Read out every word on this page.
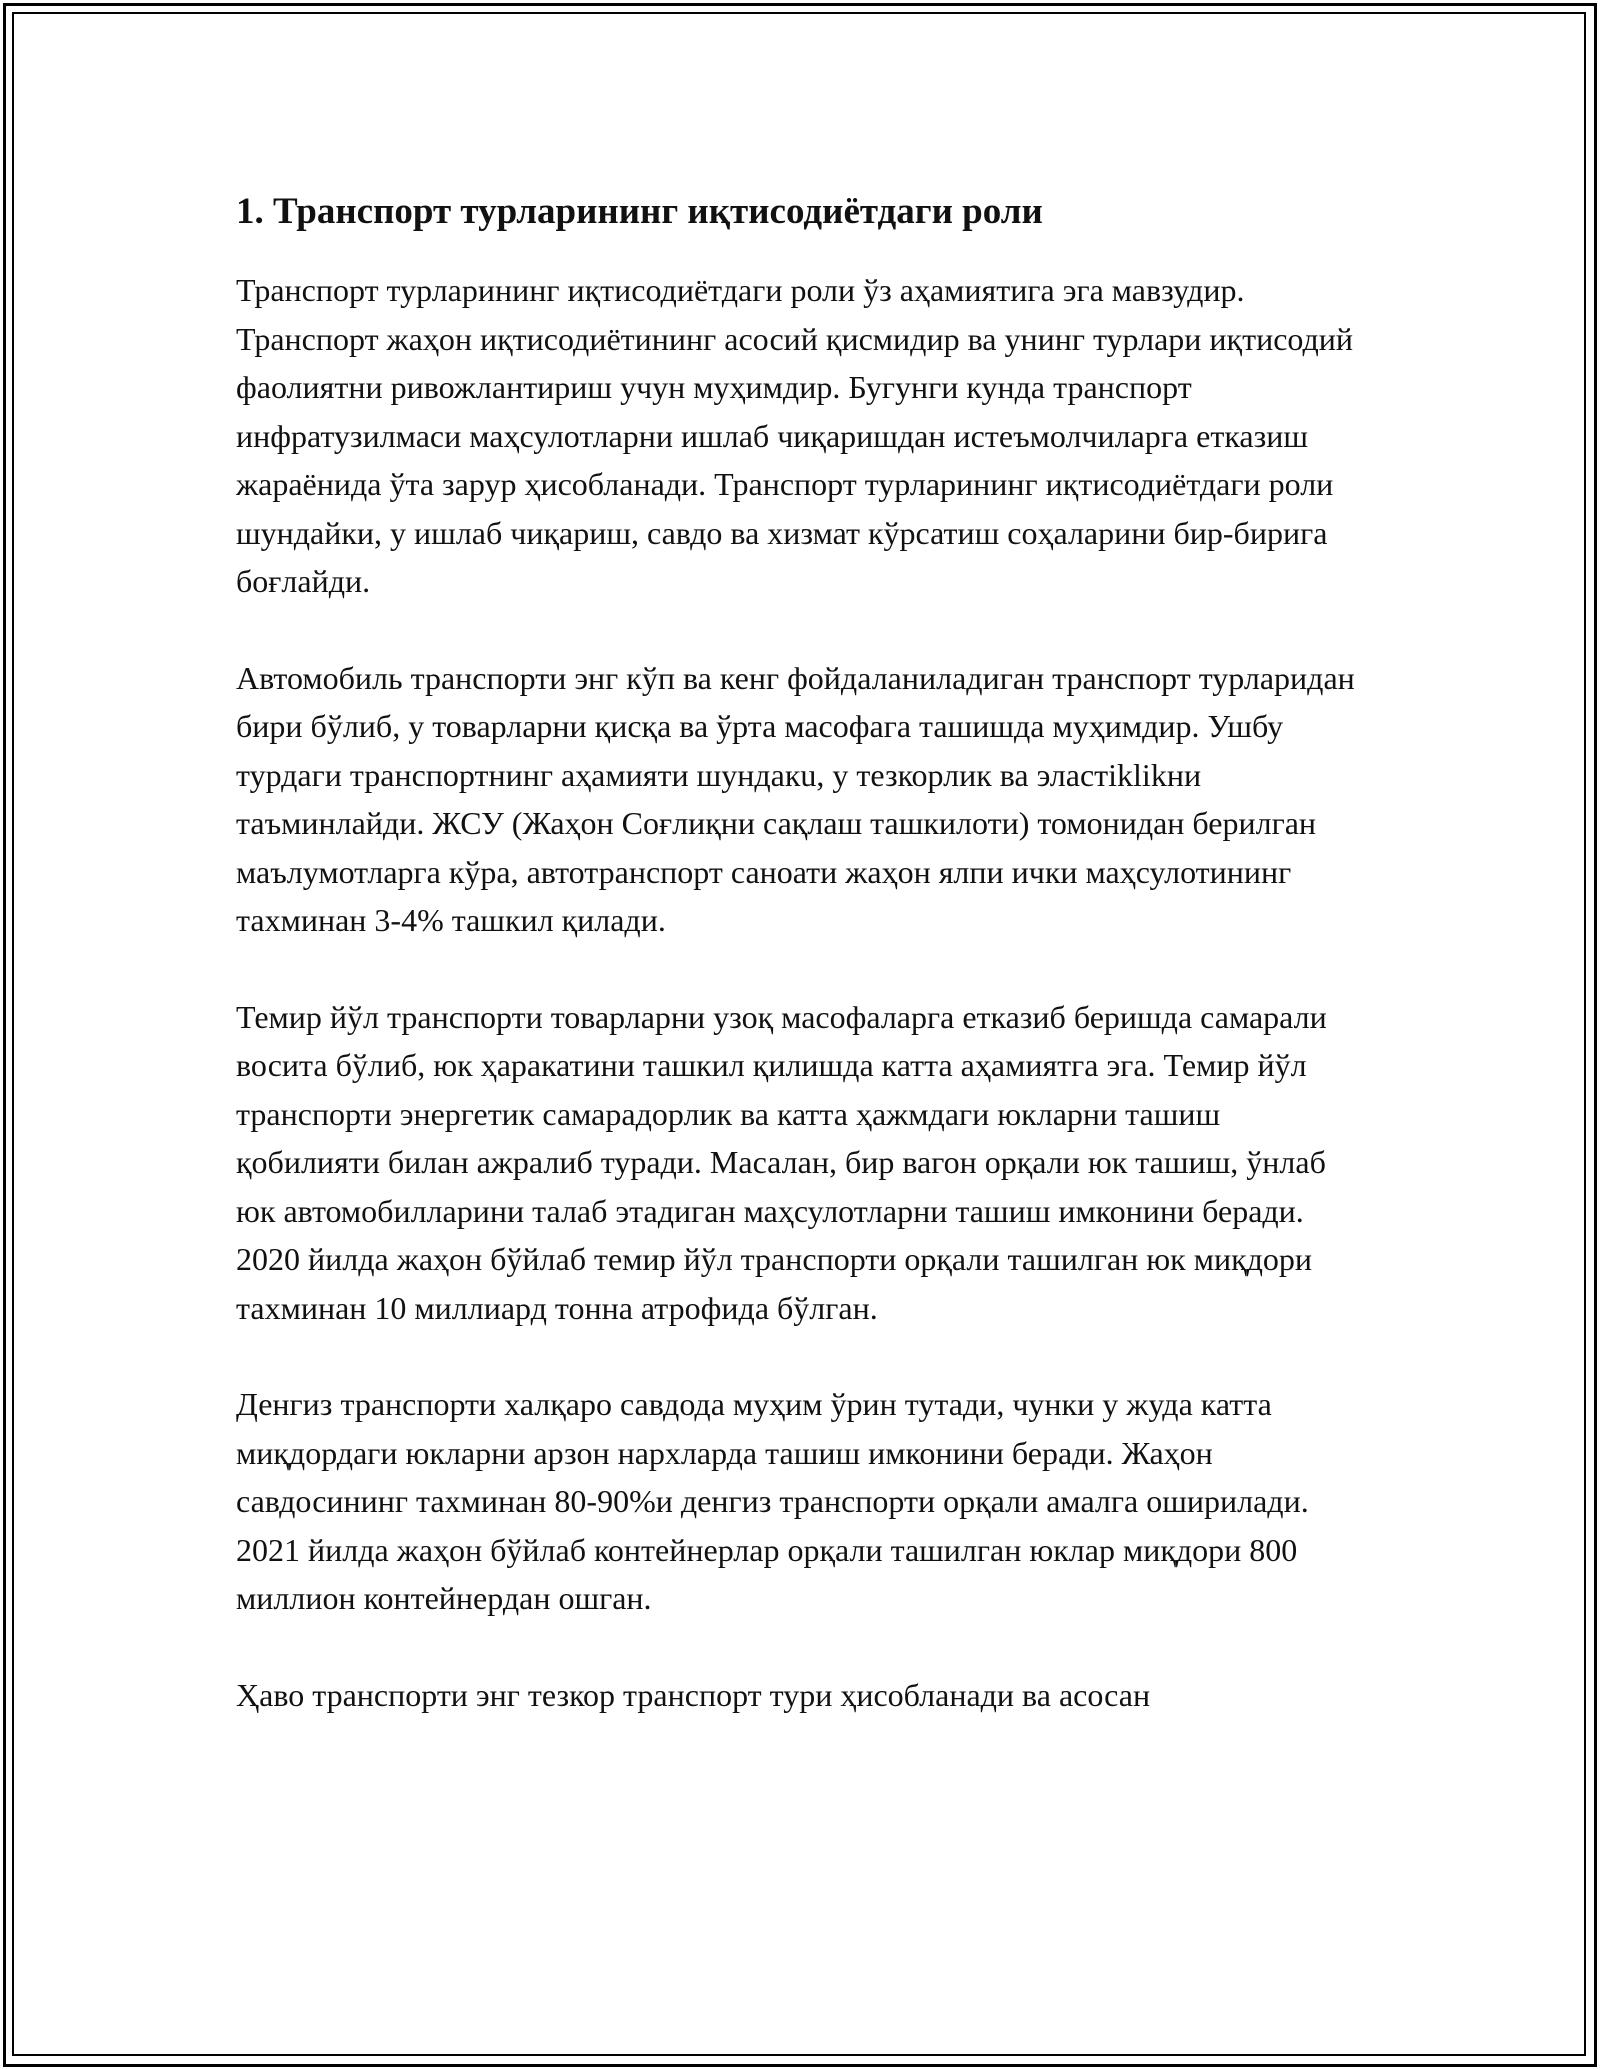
1. Транспорт турларининг иқтисодиётдаги роли

Транспорт турларининг иқтисодиётдаги роли ўз аҳамиятига эга мавзудир. Транспорт жаҳон иқтисодиётининг асосий қисмидир ва унинг турлари иқтисодий фаолиятни ривожлантириш учун муҳимдир. Бугунги кунда транспорт инфратузилмаси маҳсулотларни ишлаб чиқаришдан истеъмолчиларга етказиш жараёнида ўта зарур ҳисобланади. Транспорт турларининг иқтисодиётдаги роли шундайки, у ишлаб чиқариш, савдо ва хизмат кўрсатиш соҳаларини бир-бирига боғлайди.

Автомобиль транспорти энг кўп ва кенг фойдаланиладиган транспорт турларидан бири бўлиб, у товарларни қисқа ва ўрта масофага ташишда муҳимдир. Ушбу турдаги транспортнинг аҳамияти шундакu, у тезкорлик ва эластiklikни таъминлайди. ЖСУ (Жаҳон Соғлиқни сақлаш ташкилоти) томонидан берилган маълумотларга кўра, автотранспорт саноати жаҳон ялпи ички маҳсулотининг тахминан 3-4% ташкил қилади.

Темир йўл транспорти товарларни узоқ масофаларга етказиб беришда самарали восита бўлиб, юк ҳаракатини ташкил қилишда катта аҳамиятга эга. Темир йўл транспорти энергетик самарадорлик ва катта ҳажмдаги юкларни ташиш қобилияти билан ажралиб туради. Масалан, бир вагон орқали юк ташиш, ўнлаб юк автомобилларини талаб этадиган маҳсулотларни ташиш имконини беради. 2020 йилда жаҳон бўйлаб темир йўл транспорти орқали ташилган юк миқдори тахминан 10 миллиард тонна атрофида бўлган.

Денгиз транспорти халқаро савдода муҳим ўрин тутади, чунки у жуда катта миқдордаги юкларни арзон нархларда ташиш имконини беради. Жаҳон савдосининг тахминан 80-90%и денгиз транспорти орқали амалга оширилади. 2021 йилда жаҳон бўйлаб контейнерлар орқали ташилган юклар миқдори 800 миллион контейнердан ошган.

Ҳаво транспорти энг тезкор транспорт тури ҳисобланади ва асосан
